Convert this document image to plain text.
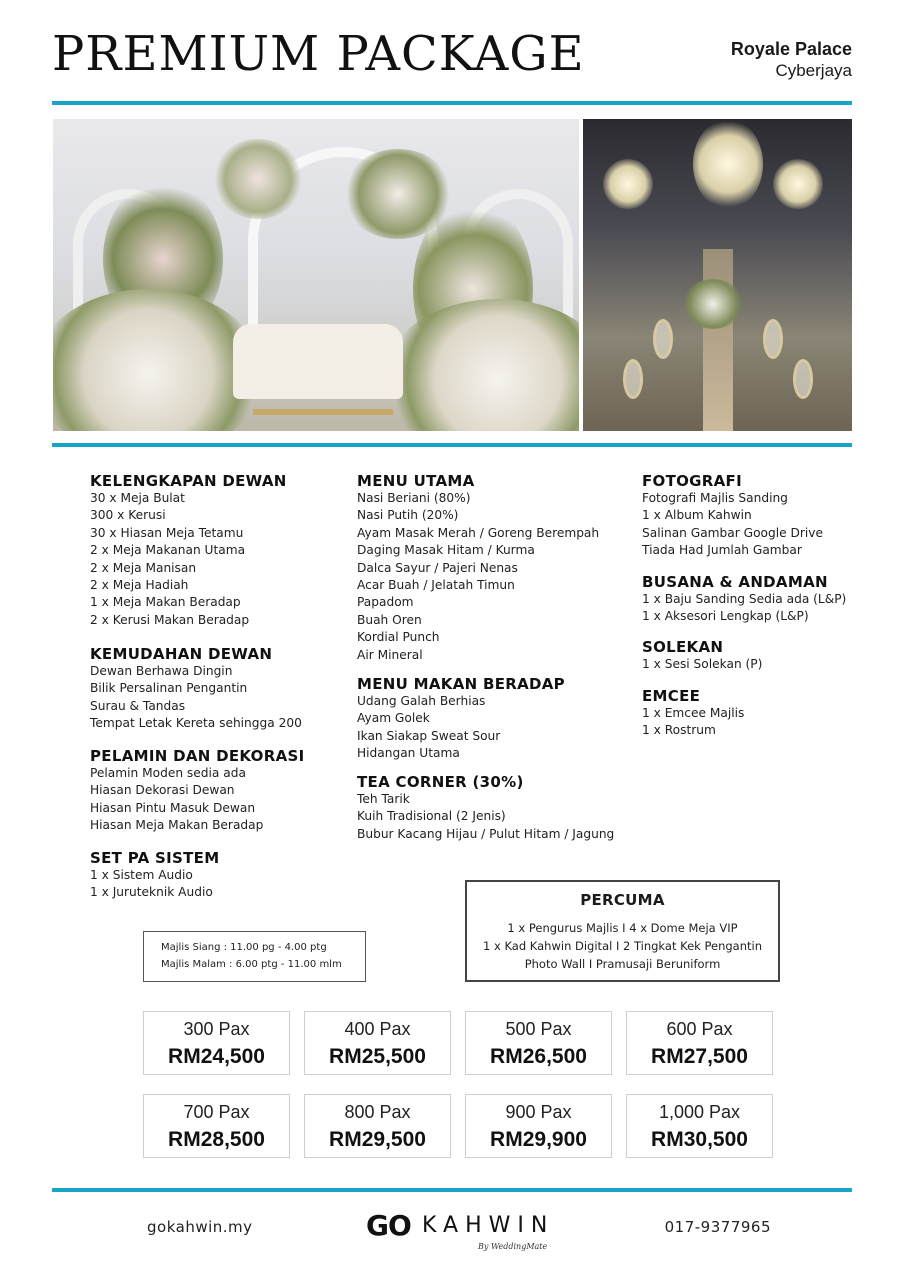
PREMIUM PACKAGE	Royale Palace
Cyberjaya
KELENGKAPAN DEWAN
30 x Meja Bulat
300 x Kerusi
30 x Hiasan Meja Tetamu
2 x Meja Makanan Utama
2 x Meja Manisan
2 x Meja Hadiah
1 x Meja Makan Beradap
2 x Kerusi Makan Beradap
KEMUDAHAN DEWAN
Dewan Berhawa Dingin
Bilik Persalinan Pengantin
Surau & Tandas
Tempat Letak Kereta sehingga 200
PELAMIN DAN DEKORASI
Pelamin Moden sedia ada
Hiasan Dekorasi Dewan
Hiasan Pintu Masuk Dewan
Hiasan Meja Makan Beradap
SET PA SISTEM
1 x Sistem Audio
1 x Juruteknik Audio
MENU UTAMA
Nasi Beriani (80%)
Nasi Putih (20%)
Ayam Masak Merah / Goreng Berempah
Daging Masak Hitam / Kurma
Dalca Sayur / Pajeri Nenas
Acar Buah / Jelatah Timun
Papadom
Buah Oren
Kordial Punch
Air Mineral
MENU MAKAN BERADAP
Udang Galah Berhias
Ayam Golek
Ikan Siakap Sweat Sour
Hidangan Utama
TEA CORNER (30%)
Teh Tarik
Kuih Tradisional (2 Jenis)
Bubur Kacang Hijau / Pulut Hitam / Jagung
FOTOGRAFI
Fotografi Majlis Sanding
1 x Album Kahwin
Salinan Gambar Google Drive
Tiada Had Jumlah Gambar
BUSANA & ANDAMAN
1 x Baju Sanding Sedia ada (L&P)
1 x Aksesori Lengkap (L&P)
SOLEKAN
1 x Sesi Solekan (P)
EMCEE
1 x Emcee Majlis
1 x Rostrum
PERCUMA
1 x Pengurus Majlis I 4 x Dome Meja VIP
1 x Kad Kahwin Digital I 2 Tingkat Kek Pengantin
Photo Wall I Pramusaji Beruniform
Majlis Siang : 11.00 pg - 4.00 ptg
Majlis Malam : 6.00 ptg - 11.00 mlm
300 Pax
RM24,500
400 Pax
RM25,500
500 Pax
RM26,500
600 Pax
RM27,500
700 Pax
RM28,500
800 Pax
RM29,500
900 Pax
RM29,900
1,000 Pax
RM30,500
gokahwin.my	GO KAHWIN
By WeddingMate
017-9377965
